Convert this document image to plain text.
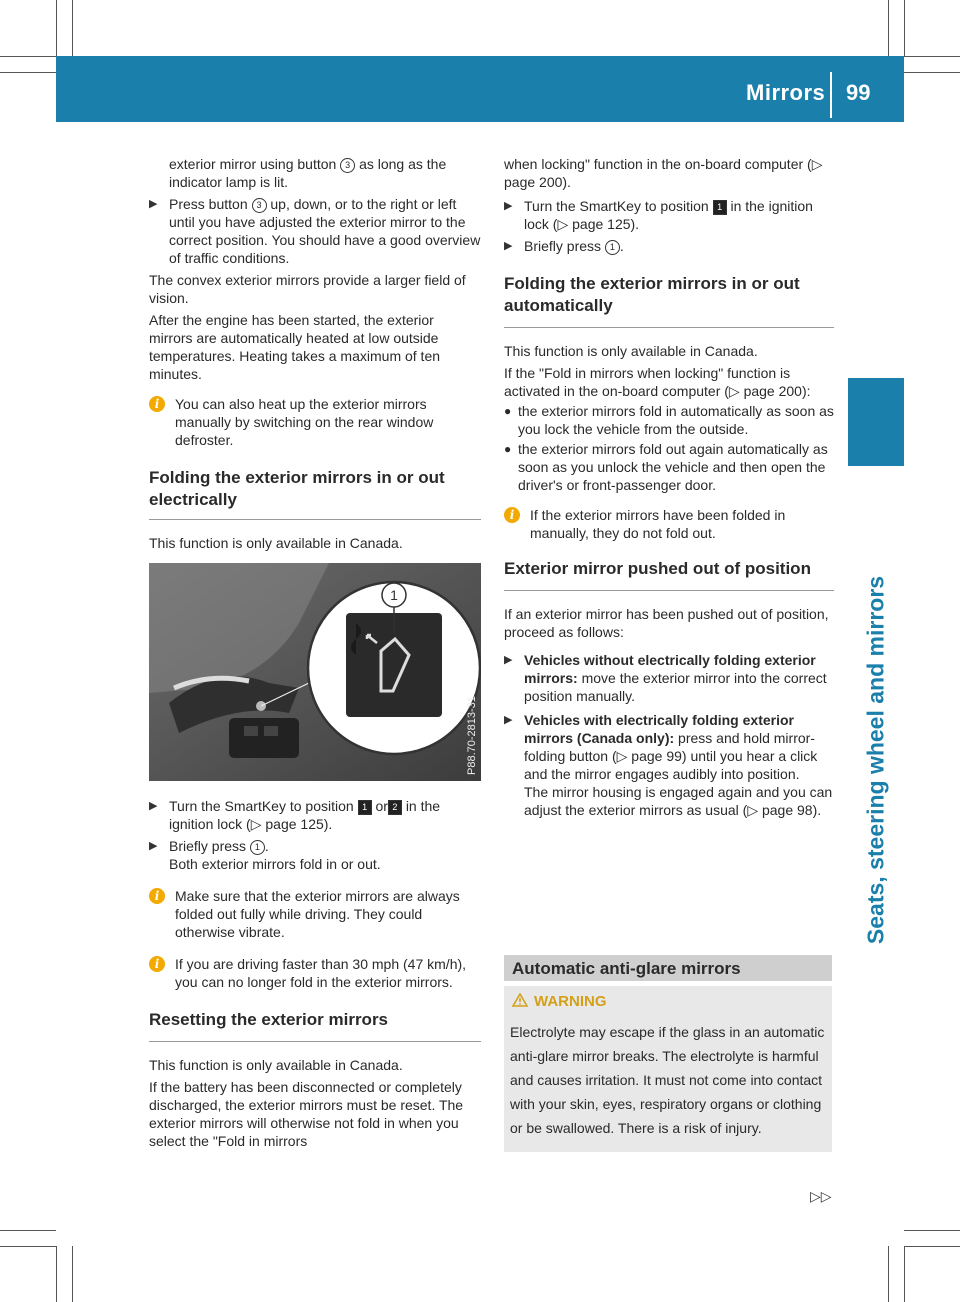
Mirrors 99
Seats, steering wheel and mirrors

exterior mirror using button 3 as long as the indicator lamp is lit.

▶ Press button 3 up, down, or to the right or left until you have adjusted the exterior mirror to the correct position. You should have a good overview of traffic conditions.

The convex exterior mirrors provide a larger field of vision.

After the engine has been started, the exterior mirrors are automatically heated at low outside temperatures. Heating takes a maximum of ten minutes.

i	You can also heat up the exterior mirrors manually by switching on the rear window defroster.

Folding the exterior mirrors in or out electrically

This function is only available in Canada.

1
P88.70-2813-31

▶ Turn the SmartKey to position 1 or 2 in the ignition lock (▷ page 125).

▶ Briefly press 1 .
Both exterior mirrors fold in or out.

i	Make sure that the exterior mirrors are always folded out fully while driving. They could otherwise vibrate.

i	If you are driving faster than 30 mph (47 km/h), you can no longer fold in the exterior mirrors.

Resetting the exterior mirrors

This function is only available in Canada.

If the battery has been disconnected or completely discharged, the exterior mirrors must be reset. The exterior mirrors will otherwise not fold in when you select the "Fold in mirrors

when locking" function in the on-board computer (▷ page 200).

▶ Turn the SmartKey to position 1 in the ignition lock (▷ page 125).

▶ Briefly press 1 .

Folding the exterior mirrors in or out automatically

This function is only available in Canada.

If the "Fold in mirrors when locking" function is activated in the on-board computer (▷ page 200):

● the exterior mirrors fold in automatically as soon as you lock the vehicle from the outside.

● the exterior mirrors fold out again automatically as soon as you unlock the vehicle and then open the driver's or front-passenger door.

i	If the exterior mirrors have been folded in manually, they do not fold out.

Exterior mirror pushed out of position

If an exterior mirror has been pushed out of position, proceed as follows:

▶ Vehicles without electrically folding exterior mirrors: move the exterior mirror into the correct position manually.

▶ Vehicles with electrically folding exterior mirrors (Canada only): press and hold mirror-folding button (▷ page 99) until you hear a click and the mirror engages audibly into position.
The mirror housing is engaged again and you can adjust the exterior mirrors as usual (▷ page 98).

Automatic anti-glare mirrors
WARNING
Electrolyte may escape if the glass in an automatic anti-glare mirror breaks. The electrolyte is harmful and causes irritation. It must not come into contact with your skin, eyes, respiratory organs or clothing or be swallowed. There is a risk of injury.
▷▷
